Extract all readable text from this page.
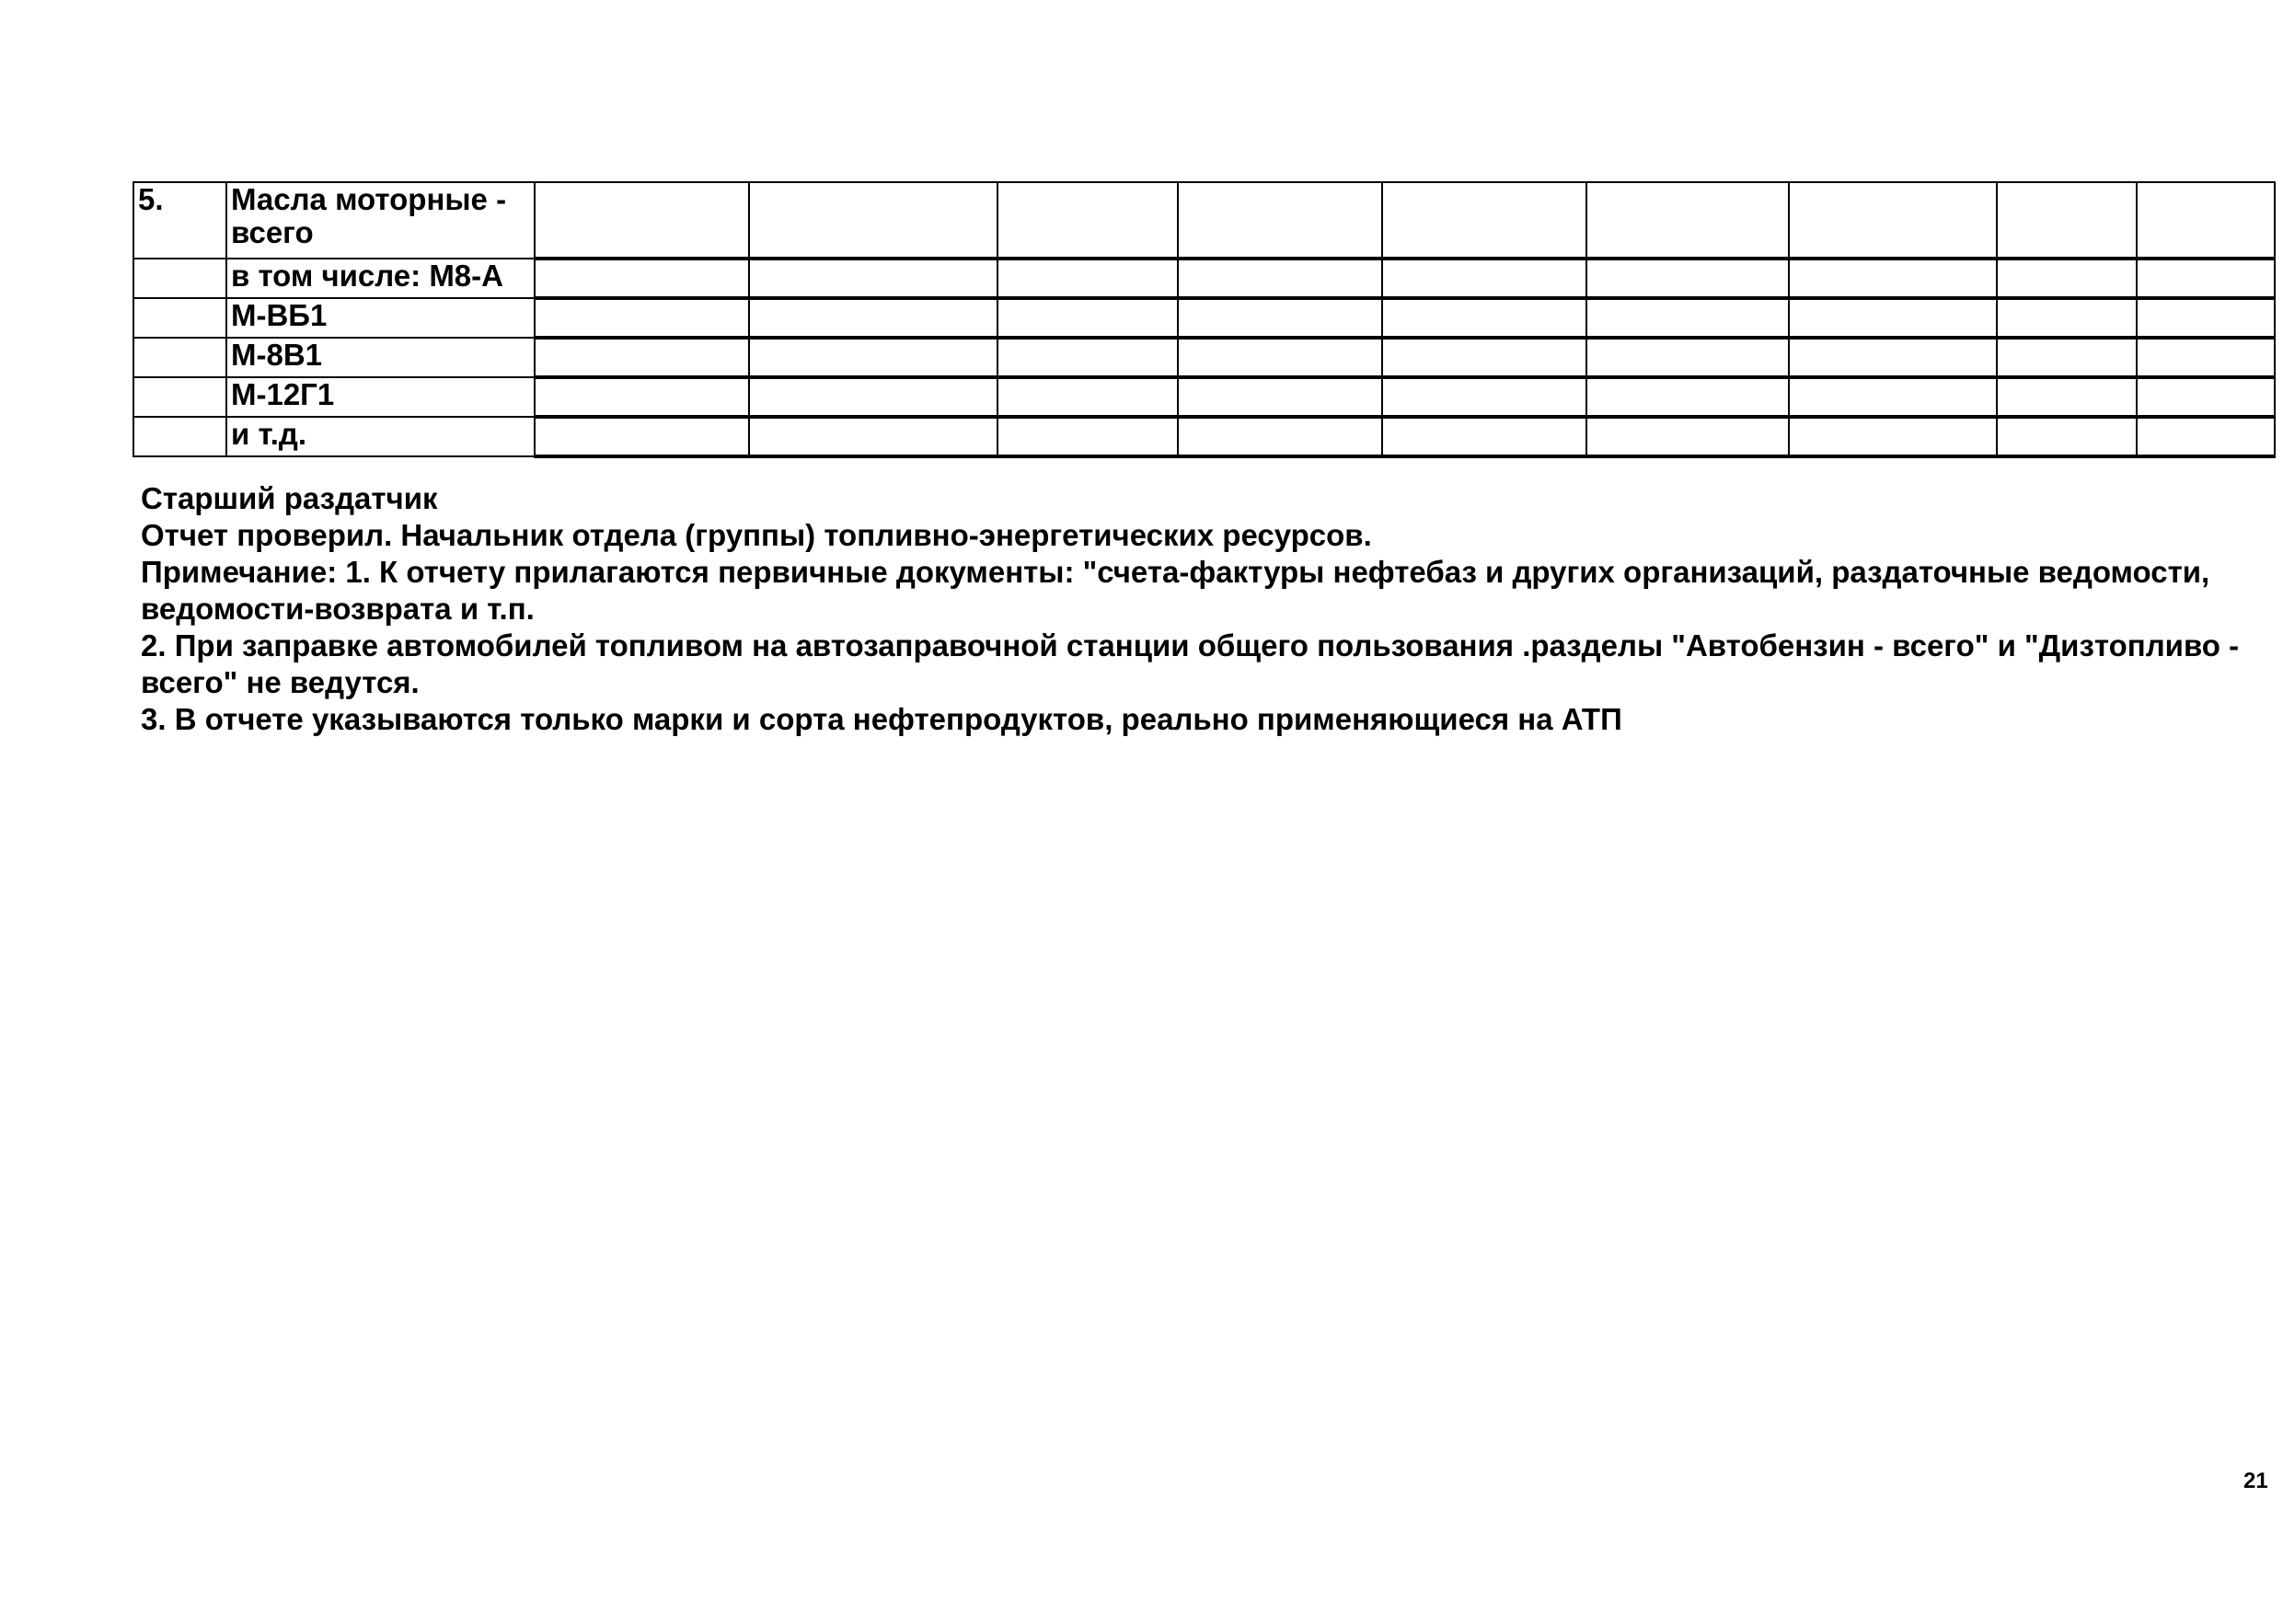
5.	Масла моторные - всего									
	в том числе: М8-А									
	М-ВБ1									
	М-8В1									
	М-12Г1									
	и т.д.									

Старший раздатчик

Отчет проверил. Начальник отдела (группы) топливно-энергетических ресурсов.

Примечание: 1. К отчету прилагаются первичные документы: "счета-фактуры нефтебаз и других организаций, раздаточные ведомости, ведомости-возврата и т.п.

2. При заправке автомобилей топливом на автозаправочной станции общего пользования .разделы "Автобензин - всего" и "Дизтопливо - всего" не ведутся.

3. В отчете указываются только марки и сорта нефтепродуктов, реально применяющиеся на АТП

21
